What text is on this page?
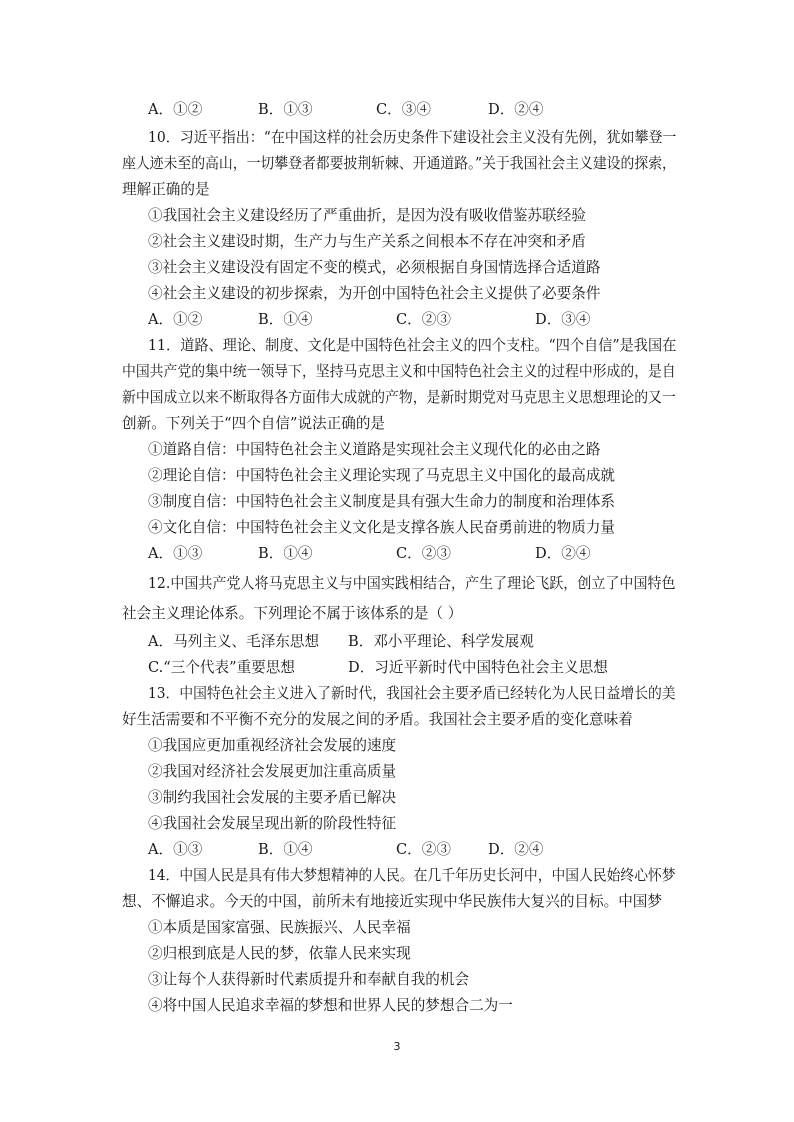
A．①②	B．①③	C．③④	D．②④
10．习近平指出：“在中国这样的社会历史条件下建设社会主义没有先例，犹如攀登一
座人迹未至的高山，一切攀登者都要披荆斩棘、开通道路。”关于我国社会主义建设的探索，
理解正确的是
①我国社会主义建设经历了严重曲折，是因为没有吸收借鉴苏联经验
②社会主义建设时期，生产力与生产关系之间根本不存在冲突和矛盾
③社会主义建设没有固定不变的模式，必须根据自身国情选择合适道路
④社会主义建设的初步探索，为开创中国特色社会主义提供了必要条件
A．①②	B．①④	C．②③	D．③④
11．道路、理论、制度、文化是中国特色社会主义的四个支柱。“四个自信”是我国在
中国共产党的集中统一领导下，坚持马克思主义和中国特色社会主义的过程中形成的，是自
新中国成立以来不断取得各方面伟大成就的产物，是新时期党对马克思主义思想理论的又一
创新。下列关于“四个自信”说法正确的是
①道路自信：中国特色社会主义道路是实现社会主义现代化的必由之路
②理论自信：中国特色社会主义理论实现了马克思主义中国化的最高成就
③制度自信：中国特色社会主义制度是具有强大生命力的制度和治理体系
④文化自信：中国特色社会主义文化是支撑各族人民奋勇前进的物质力量
A．①③	B．①④	C．②③	D．②④
12.中国共产党人将马克思主义与中国实践相结合，产生了理论飞跃，创立了中国特色
社会主义理论体系。下列理论不属于该体系的是（ ）
A．马列主义、毛泽东思想 B．邓小平理论、科学发展观
C.“三个代表”重要思想	D．习近平新时代中国特色社会主义思想
13．中国特色社会主义进入了新时代，我国社会主要矛盾已经转化为人民日益增长的美
好生活需要和不平衡不充分的发展之间的矛盾。我国社会主要矛盾的变化意味着
①我国应更加重视经济社会发展的速度
②我国对经济社会发展更加注重高质量
③制约我国社会发展的主要矛盾已解决
④我国社会发展呈现出新的阶段性特征
A．①③	B．①④	C．②③	D．②④
14．中国人民是具有伟大梦想精神的人民。在几千年历史长河中，中国人民始终心怀梦
想、不懈追求。今天的中国，前所未有地接近实现中华民族伟大复兴的目标。中国梦
①本质是国家富强、民族振兴、人民幸福
②归根到底是人民的梦，依靠人民来实现
③让每个人获得新时代素质提升和奉献自我的机会
④将中国人民追求幸福的梦想和世界人民的梦想合二为一
3
